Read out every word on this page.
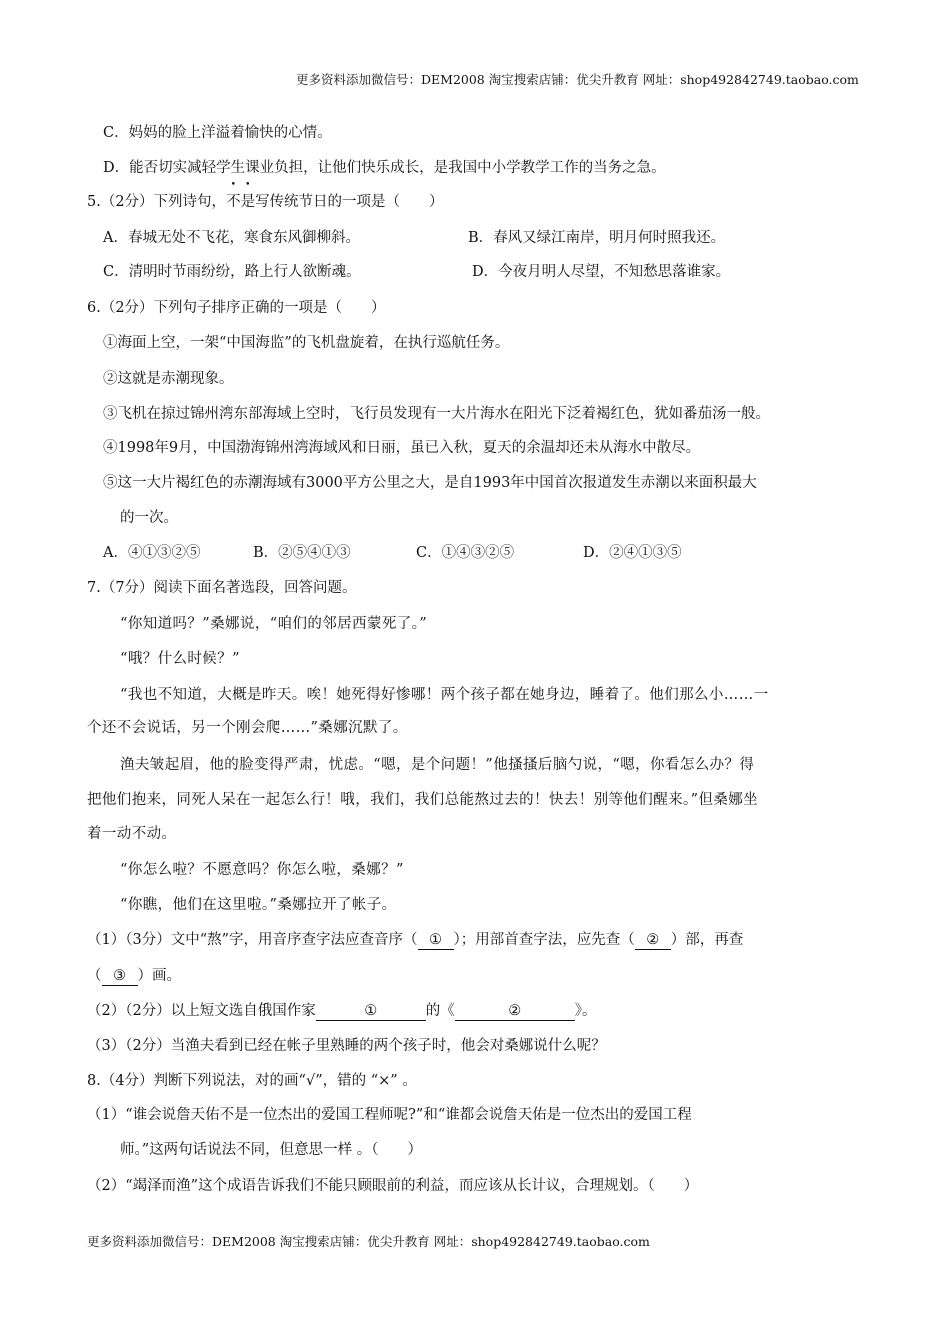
更多资料添加微信号：DEM2008 淘宝搜索店铺：优尖升教育 网址：shop492842749.taobao.com
C．妈妈的脸上洋溢着愉快的心情。
D．能否切实减轻学生课业负担，让他们快乐成长，是我国中小学教学工作的当务之急。
5.（2分）下列诗句，不是写传统节日的一项是（　　）
A．春城无处不飞花，寒食东风御柳斜。	B．春风又绿江南岸，明月何时照我还。
C．清明时节雨纷纷，路上行人欲断魂。	D．今夜月明人尽望，不知愁思落谁家。
6.（2分）下列句子排序正确的一项是（　　）
①海面上空，一架“中国海监”的飞机盘旋着，在执行巡航任务。
②这就是赤潮现象。
③飞机在掠过锦州湾东部海域上空时，飞行员发现有一大片海水在阳光下泛着褐红色，犹如番茄汤一般。
④1998年9月，中国渤海锦州湾海域风和日丽，虽已入秋，夏天的余温却还未从海水中散尽。
⑤这一大片褐红色的赤潮海域有3000平方公里之大，是自1993年中国首次报道发生赤潮以来面积最大
的一次。
A．④①③②⑤	B．②⑤④①③	C．①④③②⑤	D．②④①③⑤
7.（7分）阅读下面名著选段，回答问题。
“你知道吗？”桑娜说，“咱们的邻居西蒙死了。”
“哦？什么时候？”
“我也不知道，大概是昨天。唉！她死得好惨哪！两个孩子都在她身边，睡着了。他们那么小……一
个还不会说话，另一个刚会爬……”桑娜沉默了。
渔夫皱起眉，他的脸变得严肃，忧虑。“嗯，是个问题！”他搔搔后脑勺说，“嗯，你看怎么办？得
把他们抱来，同死人呆在一起怎么行！哦，我们，我们总能熬过去的！快去！别等他们醒来。”但桑娜坐
着一动不动。
“你怎么啦？不愿意吗？你怎么啦，桑娜？”
“你瞧，他们在这里啦。”桑娜拉开了帐子。
（1）（3分）文中“熬”字，用音序查字法应查音序（ ① ）；用部首查字法，应先查（ ② ）部，再查
（ ③ ）画。
（2）（2分）以上短文选自俄国作家	①	的《	②	》。
（3）（2分）当渔夫看到已经在帐子里熟睡的两个孩子时，他会对桑娜说什么呢？
8.（4分）判断下列说法，对的画“√”，错的 “×” 。
（1）“谁会说詹天佑不是一位杰出的爱国工程师呢?”和“谁都会说詹天佑是一位杰出的爱国工程
师。”这两句话说法不同，但意思一样 。（　　）
（2）“竭泽而渔”这个成语告诉我们不能只顾眼前的利益，而应该从长计议，合理规划。（　　）
更多资料添加微信号：DEM2008 淘宝搜索店铺：优尖升教育 网址：shop492842749.taobao.com
